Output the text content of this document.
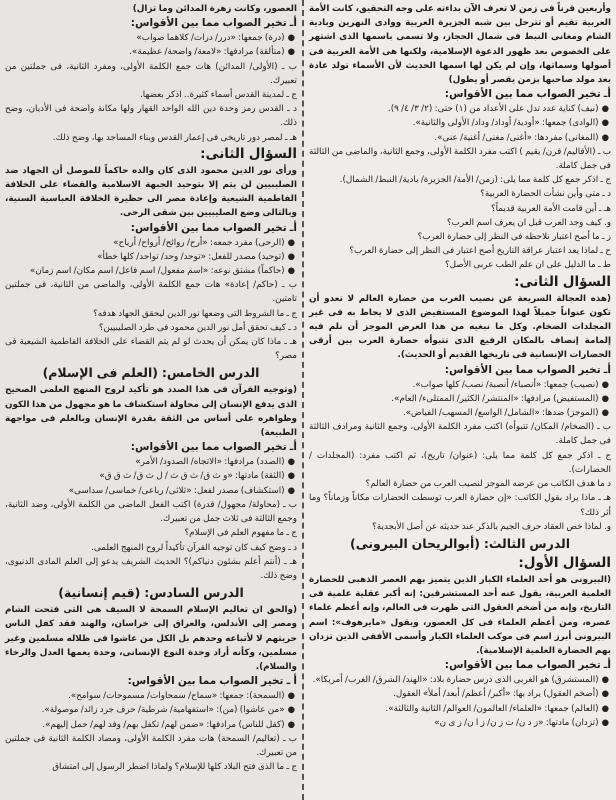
وأربعين قرناً فى زمن لا تعرف الآن بداءته على وجه التحقيق، كانت الأمة العربية تقيم أو تترحل بين شبه الجزيرة العربية ووادى النهرين وبادية الشام ومغانى النبط فى شمال الحجاز، ولا تسمى باسمها الذى اشتهر على الخصوص بعد ظهور الدعوة الإسلامية، ولكنها هى الأمة العربية فى أصولها وسماتها، وإن لم يكن لها اسمها الحديث لأن الأسماء تولد عادة بعد مولد صاحبها بزمن يقصر أو يطول)

أـ تخير الصواب مما بين الأقواس:

● (نيف) كناية عدد تدل على الأعداد من (١) حتى: (٢/ ٣/ ٤/ ٩).

● (الوادى) جمعها: «أودية/ أوداد/ وداد/ الأولى والثانية».

● (المغانى) مفردها: «أغنى/ مغنى/ أغنية/ عنى».

ب ـ (الأقاليم/ قرن/ يقيم ) اكتب مفرد الكلمة الأولى، وجمع الثانية، والماضى من الثالثة فى جمل كاملة.

ج ـ اذكر جمع كل كلمة مما يلى: (زمن/ الأمة/ الجزيرة/ بادية/ النبط/ الشمال).

د ـ متى وأين نشأت الحضارة العربية؟

هـ ـ أين قامت الأمة العربية قديماً؟

و. كيف وجد العرب قبل ان يعرف اسم العرب؟

ز ـ ما أصح اعتبار نلاحظه فى النظر إلى حضارة العرب؟

ح ـ لماذا يعد اعتبار عراقة التاريخ أصح اعتبار فى النظر إلى حضارة العرب؟

ط ـ ما الدليل على ان علم الطب عربى الأصل؟

السؤال الثانى:

(هذه العجالة السريعة عن نصيب العرب من حضارة العالم لا تعدو أن تكون عنواناً جميلاً لهذا الموضوع المستفيض الذى لا يحاط به فى غير المجلدات الضخام. وكل ما نبغيه من هذا العرض الموجز أن نلم فيه إلمامة إنصاف بالمكان الرفيع الذى تتبوأه حضارة العرب بين أرقى الحضارات الإنسانية فى تاريخها القديم أو الحديث).

أـ تخير الصواب مما بين الأقواس:

● (نصيب) جمعها: «أنصباء/ أنصبة/ نصب/ كلها صواب».

● (المستفيض) مرادفها: «المنتشر/ الكثير/ الممتلىء/ العام».

● (الموجز) ضدها: «الشامل/ الواسع/ المسهب/ الفياض».

ب ـ (الضخام/ المكان/ تتبوأه) اكتب مفرد الكلمة الأولى، وجمع الثانية ومرادف الثالثة فى جمل كاملة.

ج ـ اذكر جمع كل كلمة مما يلى: (عنوان/ تاريخ)، ثم اكتب مفرد: (المجلدات / الحضارات).

د ما هدف الكاتب من عرضه الموجز لنصيب العرب من حضارة العالم؟

هـ ـ ماذا يراد بقول الكاتب: «إن حضارة العرب توسطت الحضارات مكاناً وزماناً؟ وما أثر ذلك؟

و. لماذا خص العقاد حرف الجيم بالذكر عند حديثه عن أصل الأبجدية؟

الدرس الثالث: (أبوالريحان البيرونى)

السؤال الأول:

(البيرونى هو أحد العلماء الكبار الذين يتميز بهم العصر الذهبى للحضارة العلمية العربية، يقول عنه أحد المستشرقين: إنه أكبر عقلية علمية فى التاريخ، وإنه من أضخم العقول التى ظهرت فى العالم، وإنه أعظم علماء عصره، ومن أعظم العلماء فى كل العصور، ويقول «مايرهوف»: اسم البيرونى أبرز اسم فى موكب العلماء الكبار وأسمى الأفقى الذين تزدان بهم الحضارة العلمية الإسلامية).

أـ تخير الصواب مما بين الأقواس:

● (المستشرق) هو الغربى الذى درس حضارة بلاد: «الهند/ الشرق/ الغرب/ أمريكا».

● (أضخم العقول) يراد بها: «أكبر/ أعظم/ أبعد/ أملأ» العقول.

● (العالم) جمعها: «العلماء/ العالمون/ العوالم/ الثانية والثالثة».

● (تزدان) مادتها: «ز د ن/ ت ز ن/ ز ا ن/ ز ى ن»

العصور، وكانت زهرة المدائن وما تزال)

أـ تخير الصواب مما بين الأقواس:

● (درة) جمعها: «درر/ درات/ كلاهما صواب»

● (متألقة) مرادفها: «لامعة/ واضحة/ عظيمة».

ب ـ (الأولى/ المدائن) هات جمع الكلمة الأولى، ومفرد الثانية، فى جملتين من تعبيرك.

ج ـ لمدينة القدس أسماء كثيرة.. اذكر بعضها.

د ـ القدس رمز وحدة دين الله الواحد القهار ولها مكانة واضحة فى الأديان، وضح ذلك.

هـ ـ لمصر دور تاريخى فى إعمار القدس وبناء المساجد بها، وضح ذلك.

السؤال الثانى:

ورأى نور الدين محمود الذى كان والده حاكماً للموصل أن الجهاد ضد الصليبيين لن يتم إلا بتوحيد الجبهة الاسلامية والقضاء على الخلافة الفاطمية الشيعية وإعادة مصر الى حظيرة الخلافة العباسية السنية، وبالتالى وضع الصليبيين بين شقى الرحى.

أـ تخير الصواب مما بين الأقواس:

● (الرحى) مفرد جمعه: «أرح/ روائح/ أرواح/ أرياح»

● (توحيد) مصدر للفعل: «توحد/ وحد/ تواحد/ كلها خطأ»

● (حاكماً) مشتق نوعه: «اسم مفعول/ اسم فاعل/ اسم مكان/ اسم زمان»

ب ـ (حاكم/ إعادة» هات جمع الكلمة الأولى، والماضى من الثانية، فى جملتين تامتين.

ج ـ ما الشروط التى وضعها نور الدين ليحقق الجهاد هدفه؟

د ـ كيف تحقق أمل نور الدين محمود فى طرد الصليبيين؟

هـ ـ ماذا كان يمكن أن يحدث لو لم يتم القضاء على الخلافة الفاطمية الشيعية فى مصر؟

الدرس الخامس: (العلم فى الإسلام)

(وتوجيه القرآن فى هذا الصدد هو تأكيد لروح المنهج العلمى الصحيح الذى يدفع الإنسان إلى محاولة استكشاف ما هو مجهول من هذا الكون وظواهره على أساس من الثقة بقدرة الإنسان وبالعلم فى مواجهة الطبيعة)

أـ تخير الصواب مما بين الأقواس:

● (الصدد) مرادفها: «الاتجاه/ الصدود/ الأمر»

● (الثقة) مادتها: «و ث ق/ ث ق ث / ل ث ق/ ث ق ق»

● (استكشاف) مصدر لفعل: «ثلاثى/ رباعى/ خماسى/ سداسى»

ب ـ (محاولة/ مجهول/ قدرة) اكتب الفعل الماضى من الكلمة الأولى، وضد الثانية، وجمع الثالثة فى ثلاث جمل من تعبيرك.

ج ـ ما مفهوم العلم فى الإسلام؟

د ـ وضح كيف كان توجيه القرآن تأكيداً لروح المنهج العلمى.

هـ ـ (أنتم أعلم بشئون دنياكم)؟ الحديث الشريف يدعو إلى العلم المادى الدنيوى، وضح ذلك.

الدرس السادس: (قيم إنسانية)

(والحق ان تعاليم الإسلام السمحة لا السيف هى التى فتحت الشام ومصر إلى الأندلس، والعراق إلى خراسان، والهند فقد كفل الناس حريتهم لا لأتباعه وحدهم بل الكل من عاشوا فى ظلاله مسلمين وغير مسلمين، وكأنه أراد وحدة النوع الإنسانى، وحدة يعمها العدل والرخاء والسلام).

أ ـ تخير الصواب مما بين الأقواس:

● (السمحة): جمعها: «سماح/ سمحاوات/ مسموحات/ سوامح».

● «من عاشوا) (من): «استفهامية/ شرطية/ حرف جرد زائد/ موصولة».

● (كفل للناس) مرادفها: «ضمن لهم/ تكفل بهم/ وفد لهم/ حمل إليهم».

ب ـ (تعاليم/ السمحة) هات مفرد الكلمة الأولى، ومضاد الكلمة الثانية فى جملتين من تعبيرك.

ج ـ ما الذى فتح البلاد كلها للإسلام؟ ولماذا اضطر الرسول إلى امتشاق
